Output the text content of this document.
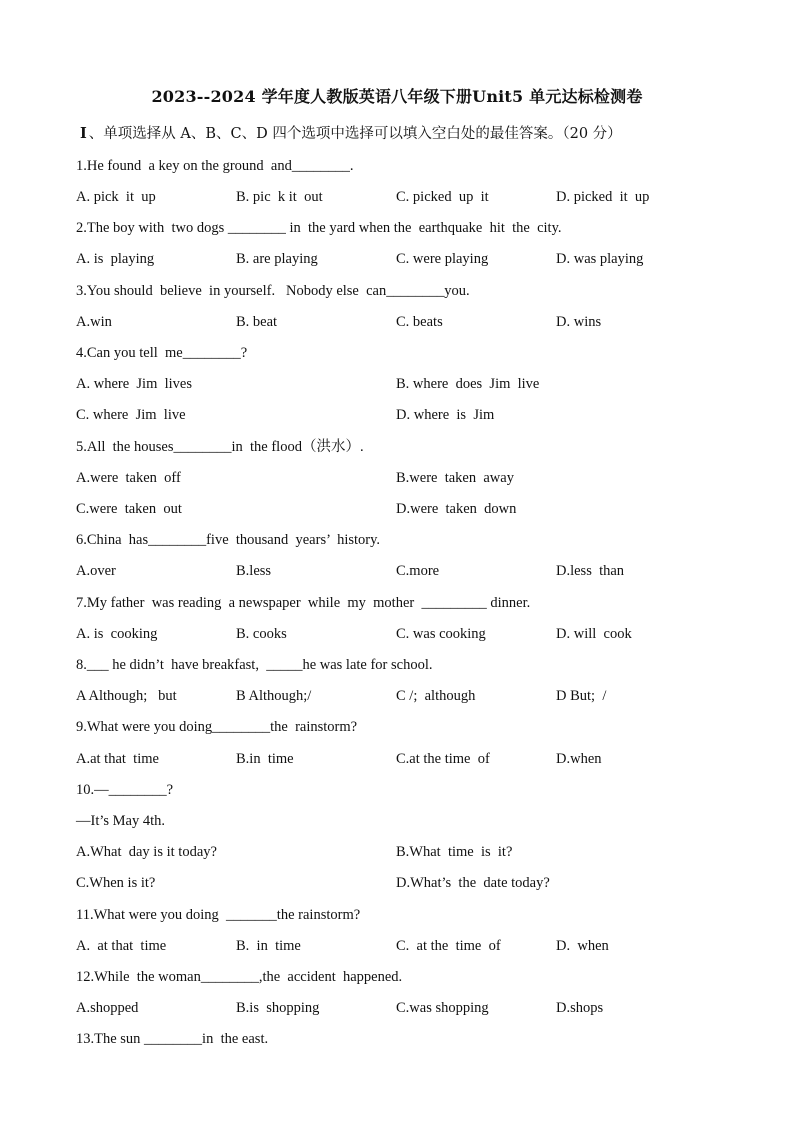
2023--2024 学年度人教版英语八年级下册Unit5 单元达标检测卷
Ⅰ 、单项选择从 A、B、C、D 四个选项中选择可以填入空白处的最佳答案。（20 分）
1.He found  a key on the ground  and________.
A. pick  it  up	B. pic  k it  out	C. picked  up  it	D. picked  it  up
2.The boy with  two dogs ________ in  the yard when the  earthquake  hit  the  city.
A. is  playing	B. are playing	C. were playing	D. was playing
3.You should  believe  in yourself.   Nobody else  can________you.
A.win	B. beat	C. beats	D. wins
4.Can you tell  me________?
A. where  Jim  lives	B. where  does  Jim  live
C. where  Jim  live	D. where  is  Jim
5.All  the houses________in  the flood（洪水）.
A.were  taken  off	B.were  taken  away
C.were  taken  out	D.were  taken  down
6.China  has________five  thousand  years’  history.
A.over	B.less	C.more	D.less  than
7.My father  was reading  a newspaper  while  my  mother  _________ dinner.
A. is  cooking	B. cooks	C. was cooking	D. will  cook
8.___ he didn’t  have breakfast,  _____he was late for school.
A Although;   but	B Although;/	C /;  although	D But;  /
9.What were you doing________the  rainstorm?
A.at that  time	B.in  time	C.at the time  of	D.when
10.—________?
—It’s May 4th.
A.What  day is it today?	B.What  time  is  it?
C.When is it?	D.What’s  the  date today?
11.What were you doing  _______the rainstorm?
A.  at that  time	B.  in  time	C.  at the  time  of	D.  when
12.While  the woman________,the  accident  happened.
A.shopped	B.is  shopping	C.was shopping	D.shops
13.The sun ________in  the east.
